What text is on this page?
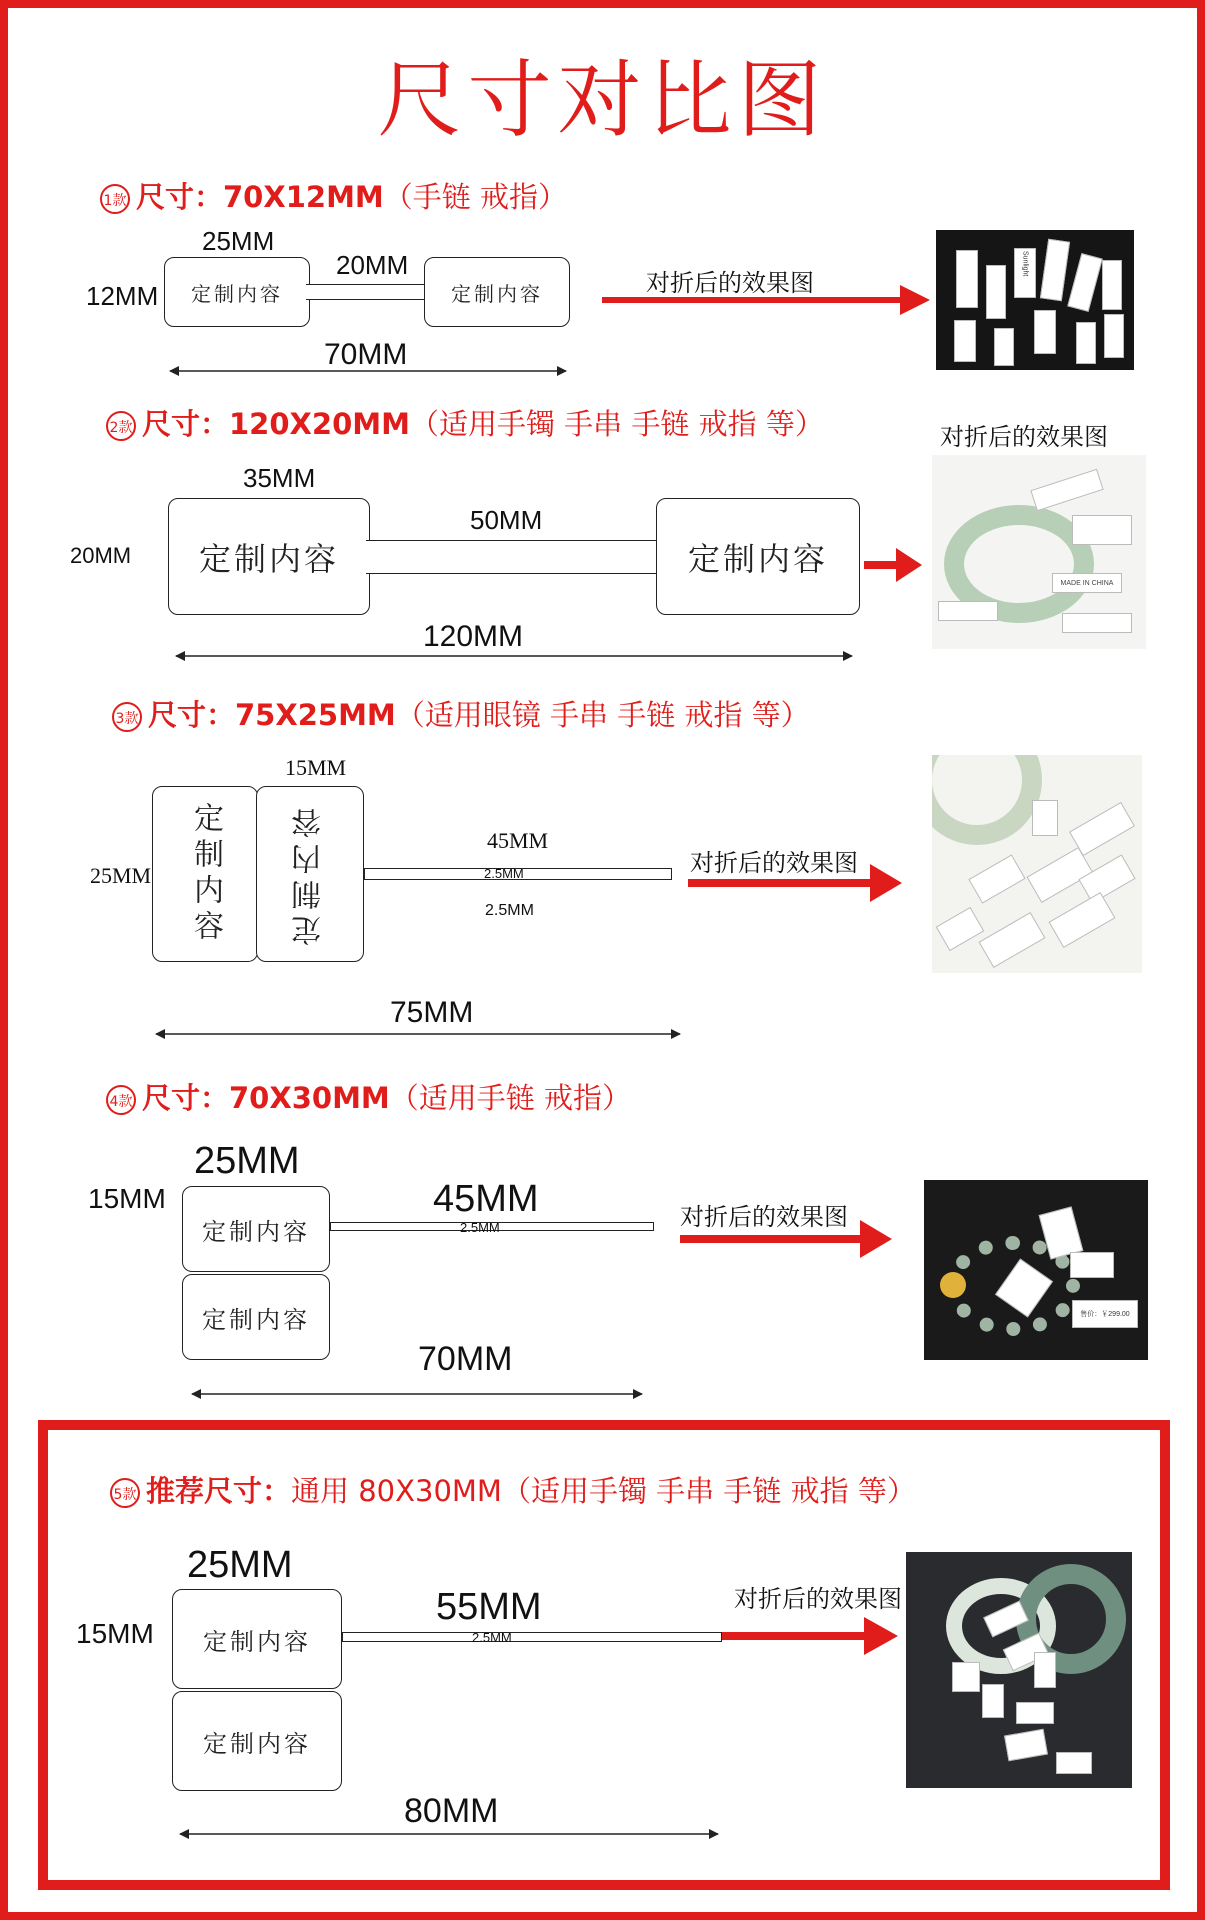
尺寸对比图
1款 尺寸：70X12MM（手链 戒指）
25MM
20MM
12MM 定制内容	定制内容
70MM
对折后的效果图
Sunlight
2款 尺寸：120X20MM（适用手镯 手串 手链 戒指 等）	对折后的效果图
35MM
50MM
20MM 定制内容	定制内容
120MM
MADE IN CHINA
3款 尺寸：75X25MM（适用眼镜 手串 手链 戒指 等）
15MM
25MM 定制内容 定制内容	45MM
2.5MM
2.5MM
对折后的效果图
75MM
4款 尺寸：70X30MM（适用手链 戒指）
25MM
15MM
定制内容
定制内容
45MM
2.5MM	对折后的效果图
70MM
售价：￥299.00
5款 推荐尺寸：通用 80X30MM（适用手镯 手串 手链 戒指 等）
25MM
15MM 定制内容
定制内容
55MM
2.5MM
对折后的效果图
80MM
